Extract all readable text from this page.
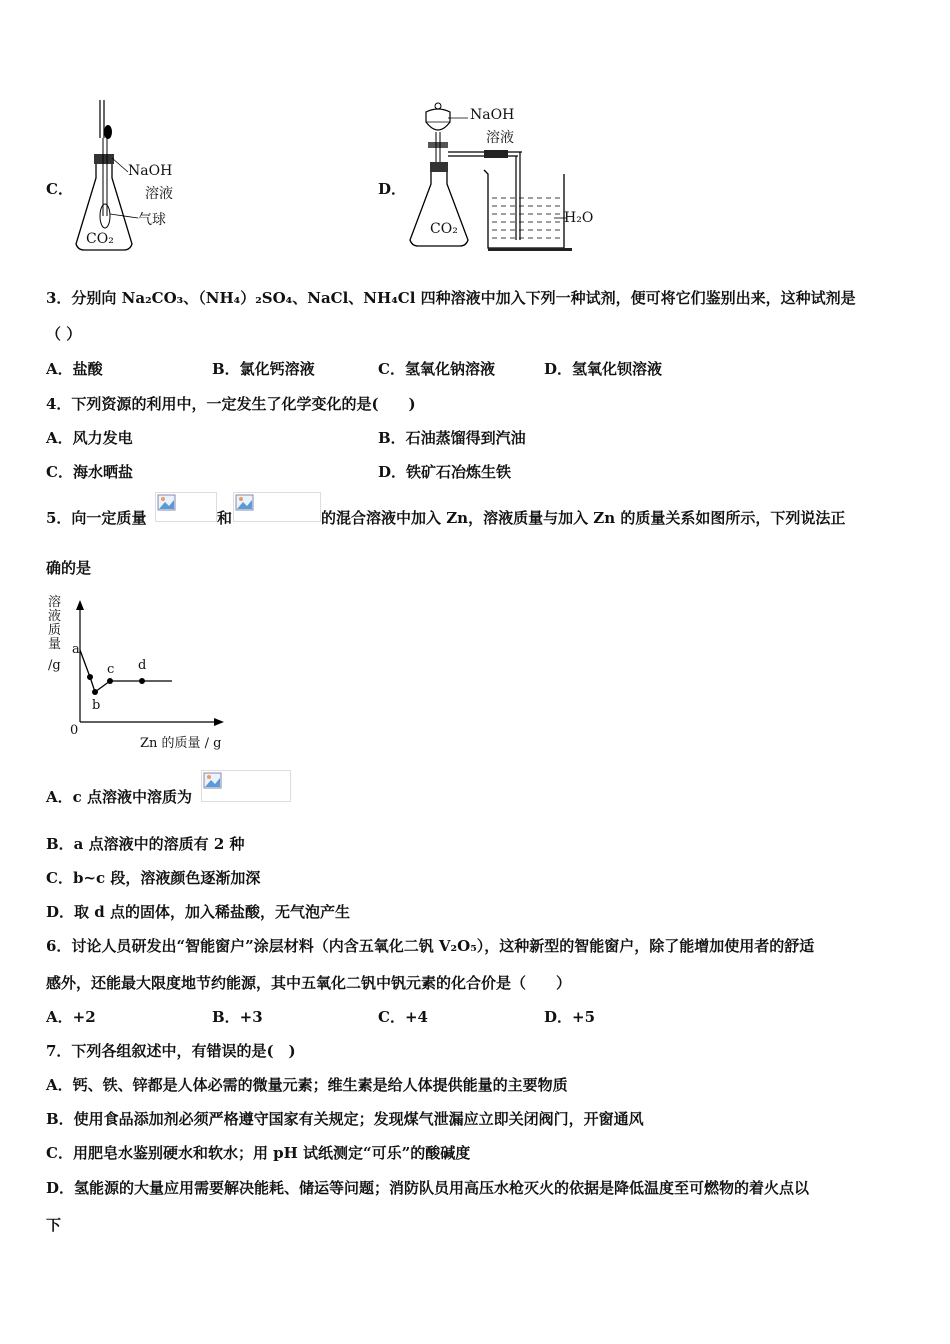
C．	D．
NaOH
溶液
气球
CO₂
NaOH
溶液
H₂O
CO₂
3．分别向 Na₂CO₃、（NH₄）₂SO₄、NaCl、NH₄Cl 四种溶液中加入下列一种试剂，便可将它们鉴别出来，这种试剂是
（ ）
A．盐酸	B．氯化钙溶液	C．氢氧化钠溶液	D．氢氧化钡溶液
4．下列资源的利用中，一定发生了化学变化的是(　　)
A．风力发电	B．石油蒸馏得到汽油
C．海水晒盐	D．铁矿石冶炼生铁
5．向一定质量	和	的混合溶液中加入 Zn，溶液质量与加入 Zn 的质量关系如图所示，下列说法正
确的是
溶
液
质
量
/g
a
b
c d
0
Zn 的质量 / g
A．c 点溶液中溶质为
B．a 点溶液中的溶质有 2 种
C．b~c 段，溶液颜色逐渐加深
D．取 d 点的固体，加入稀盐酸，无气泡产生
6．讨论人员研发出“智能窗户”涂层材料（内含五氧化二钒 V₂O₅），这种新型的智能窗户，除了能增加使用者的舒适
感外，还能最大限度地节约能源，其中五氧化二钒中钒元素的化合价是（　　）
A．+2	B．+3	C．+4	D．+5
7．下列各组叙述中，有错误的是(　)
A．钙、铁、锌都是人体必需的微量元素；维生素是给人体提供能量的主要物质
B．使用食品添加剂必须严格遵守国家有关规定；发现煤气泄漏应立即关闭阀门，开窗通风
C．用肥皂水鉴别硬水和软水；用 pH 试纸测定“可乐”的酸碱度
D．氢能源的大量应用需要解决能耗、储运等问题；消防队员用高压水枪灭火的依据是降低温度至可燃物的着火点以
下
